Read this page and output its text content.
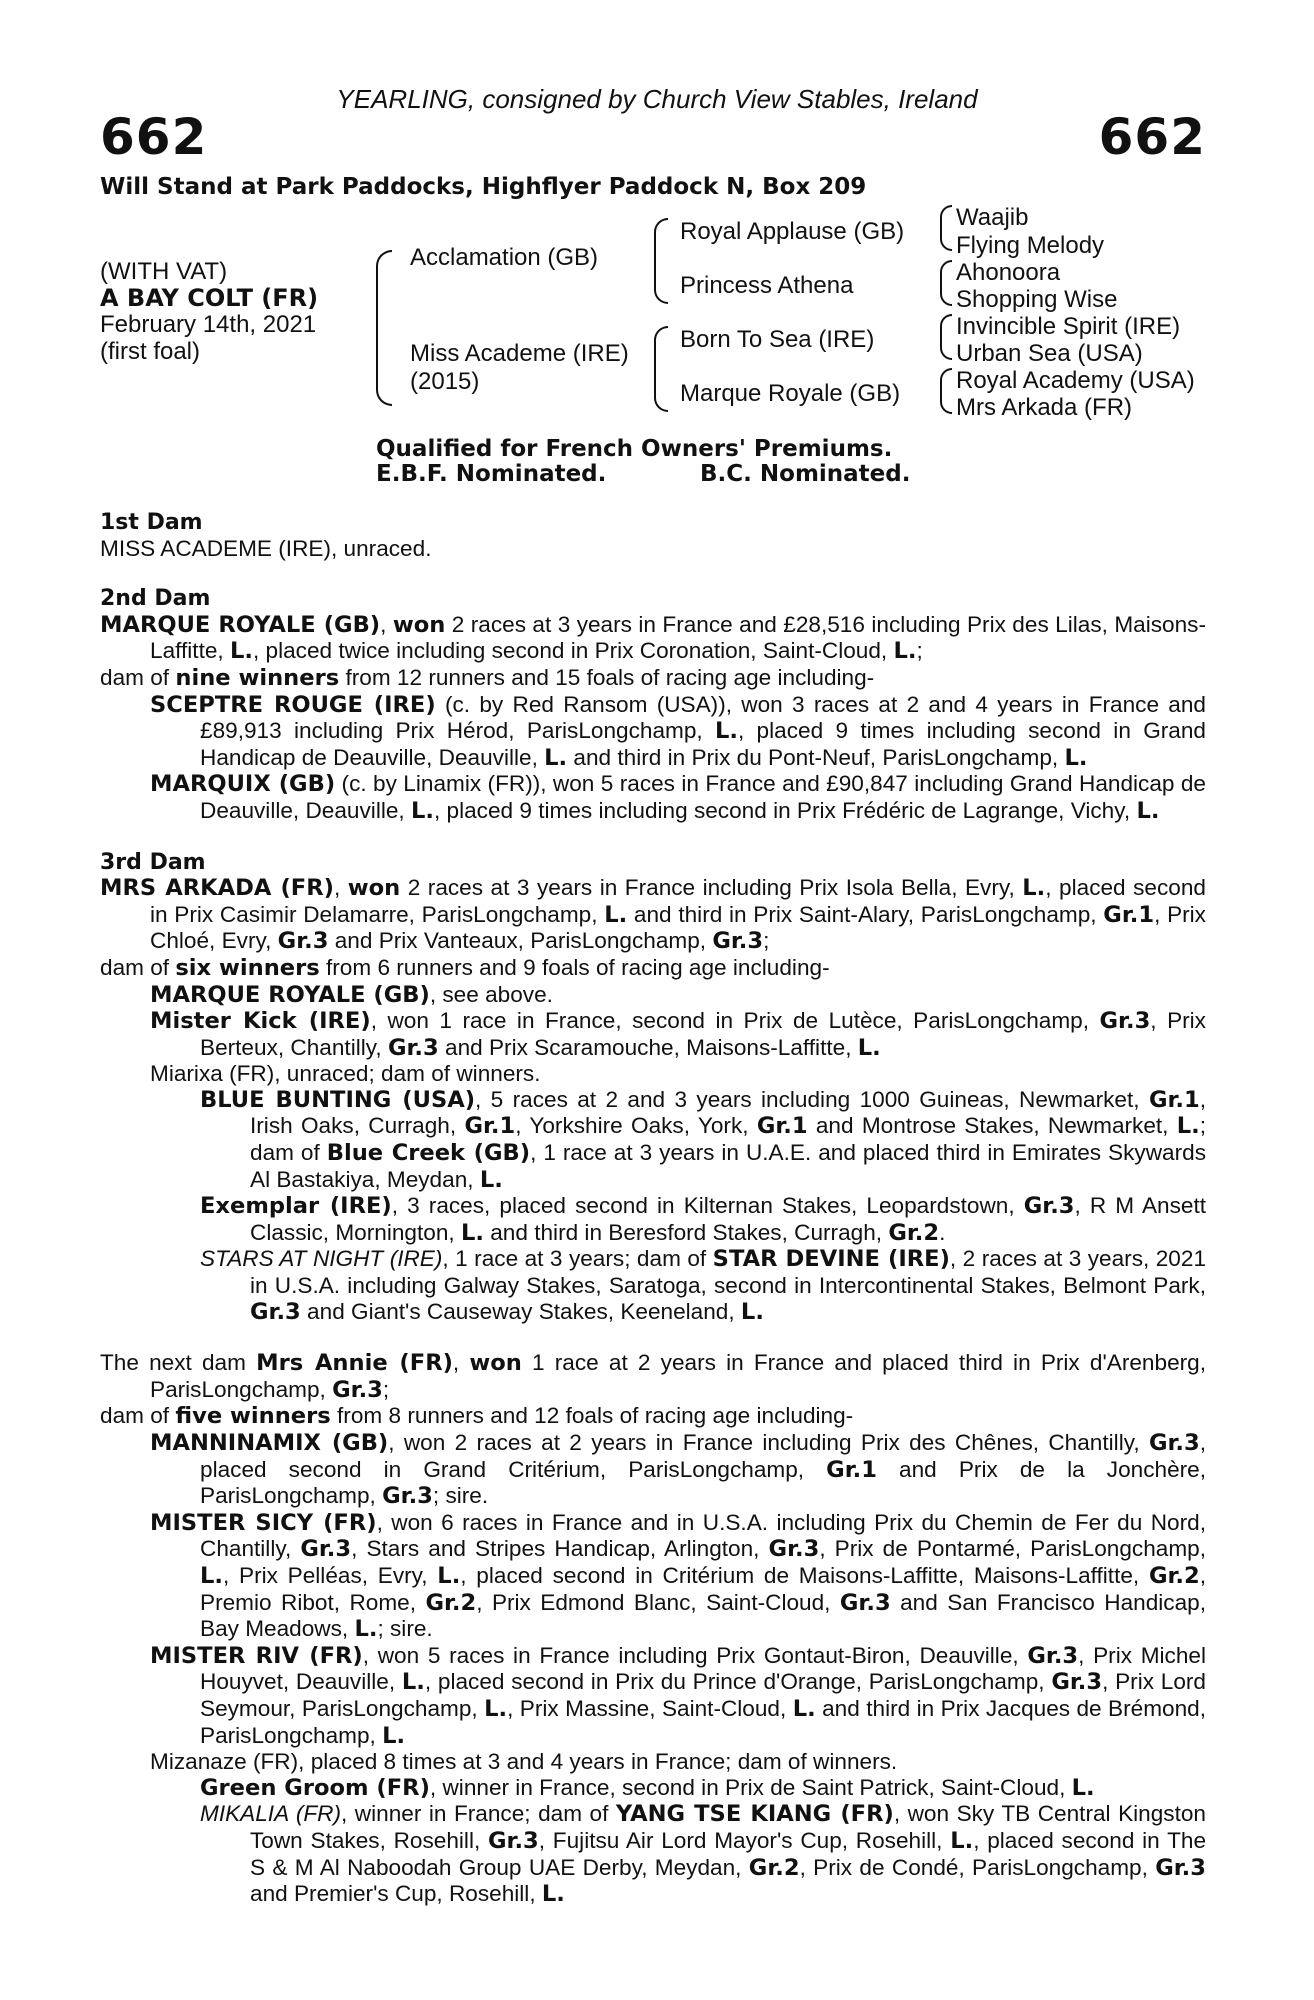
YEARLING, consigned by Church View Stables, Ireland
662	662
Will Stand at Park Paddocks, Highflyer Paddock N, Box 209
(WITH VAT)
A BAY COLT (FR)
February 14th, 2021
(first foal)
Acclamation (GB)
Miss Academe (IRE)
(2015)
Royal Applause (GB)
Princess Athena
Born To Sea (IRE)
Marque Royale (GB)
Waajib
Flying Melody
Ahonoora
Shopping Wise
Invincible Spirit (IRE)
Urban Sea (USA)
Royal Academy (USA)
Mrs Arkada (FR)
Qualified for French Owners' Premiums.
E.B.F. Nominated.	B.C. Nominated.

1st Dam

MISS ACADEME (IRE), unraced.

2nd Dam

MARQUE ROYALE (GB), won 2 races at 3 years in France and £28,516 including Prix des Lilas, Maisons-Laffitte, L., placed twice including second in Prix Coronation, Saint-Cloud, L.;

dam of nine winners from 12 runners and 15 foals of racing age including-

SCEPTRE ROUGE (IRE) (c. by Red Ransom (USA)), won 3 races at 2 and 4 years in France and £89,913 including Prix Hérod, ParisLongchamp, L., placed 9 times including second in Grand Handicap de Deauville, Deauville, L. and third in Prix du Pont-Neuf, ParisLongchamp, L.

MARQUIX (GB) (c. by Linamix (FR)), won 5 races in France and £90,847 including Grand Handicap de Deauville, Deauville, L., placed 9 times including second in Prix Frédéric de Lagrange, Vichy, L.

3rd Dam

MRS ARKADA (FR), won 2 races at 3 years in France including Prix Isola Bella, Evry, L., placed second in Prix Casimir Delamarre, ParisLongchamp, L. and third in Prix Saint-Alary, ParisLongchamp, Gr.1, Prix Chloé, Evry, Gr.3 and Prix Vanteaux, ParisLongchamp, Gr.3;

dam of six winners from 6 runners and 9 foals of racing age including-

MARQUE ROYALE (GB), see above.

Mister Kick (IRE), won 1 race in France, second in Prix de Lutèce, ParisLongchamp, Gr.3, Prix Berteux, Chantilly, Gr.3 and Prix Scaramouche, Maisons-Laffitte, L.

Miarixa (FR), unraced; dam of winners.

BLUE BUNTING (USA), 5 races at 2 and 3 years including 1000 Guineas, Newmarket, Gr.1, Irish Oaks, Curragh, Gr.1, Yorkshire Oaks, York, Gr.1 and Montrose Stakes, Newmarket, L.; dam of Blue Creek (GB), 1 race at 3 years in U.A.E. and placed third in Emirates Skywards Al Bastakiya, Meydan, L.

Exemplar (IRE), 3 races, placed second in Kilternan Stakes, Leopardstown, Gr.3, R M Ansett Classic, Mornington, L. and third in Beresford Stakes, Curragh, Gr.2.

STARS AT NIGHT (IRE), 1 race at 3 years; dam of STAR DEVINE (IRE), 2 races at 3 years, 2021 in U.S.A. including Galway Stakes, Saratoga, second in Intercontinental Stakes, Belmont Park, Gr.3 and Giant's Causeway Stakes, Keeneland, L.

The next dam Mrs Annie (FR), won 1 race at 2 years in France and placed third in Prix d'Arenberg, ParisLongchamp, Gr.3;

dam of five winners from 8 runners and 12 foals of racing age including-

MANNINAMIX (GB), won 2 races at 2 years in France including Prix des Chênes, Chantilly, Gr.3, placed second in Grand Critérium, ParisLongchamp, Gr.1 and Prix de la Jonchère, ParisLongchamp, Gr.3; sire.

MISTER SICY (FR), won 6 races in France and in U.S.A. including Prix du Chemin de Fer du Nord, Chantilly, Gr.3, Stars and Stripes Handicap, Arlington, Gr.3, Prix de Pontarmé, ParisLongchamp, L., Prix Pelléas, Evry, L., placed second in Critérium de Maisons-Laffitte, Maisons-Laffitte, Gr.2, Premio Ribot, Rome, Gr.2, Prix Edmond Blanc, Saint-Cloud, Gr.3 and San Francisco Handicap, Bay Meadows, L.; sire.

MISTER RIV (FR), won 5 races in France including Prix Gontaut-Biron, Deauville, Gr.3, Prix Michel Houyvet, Deauville, L., placed second in Prix du Prince d'Orange, ParisLongchamp, Gr.3, Prix Lord Seymour, ParisLongchamp, L., Prix Massine, Saint-Cloud, L. and third in Prix Jacques de Brémond, ParisLongchamp, L.

Mizanaze (FR), placed 8 times at 3 and 4 years in France; dam of winners.

Green Groom (FR), winner in France, second in Prix de Saint Patrick, Saint-Cloud, L.

MIKALIA (FR), winner in France; dam of YANG TSE KIANG (FR), won Sky TB Central Kingston Town Stakes, Rosehill, Gr.3, Fujitsu Air Lord Mayor's Cup, Rosehill, L., placed second in The S & M Al Naboodah Group UAE Derby, Meydan, Gr.2, Prix de Condé, ParisLongchamp, Gr.3 and Premier's Cup, Rosehill, L.
